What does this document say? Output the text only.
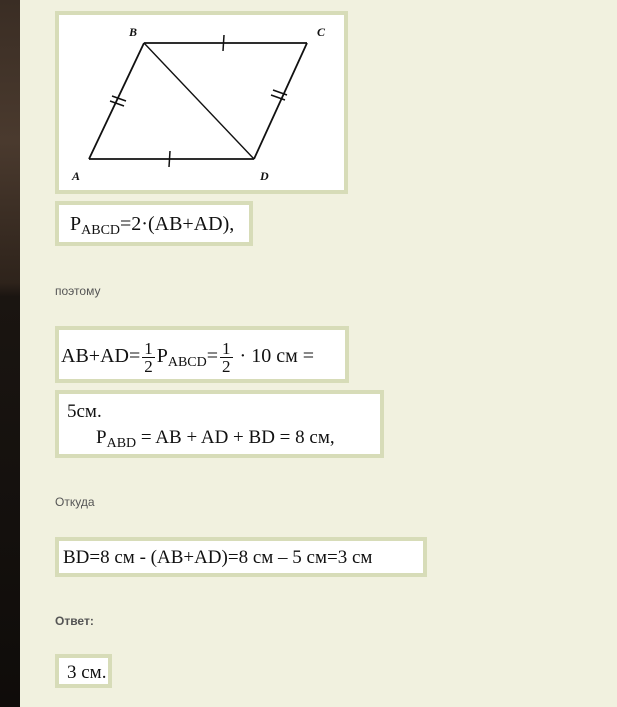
B	C
A	D
$P_{ABCD}=2\cdot(AB+AD)$,
поэтому
$AB+AD= \frac{1}{2} P_{ABCD}= \frac{1}{2} \cdot 10$ см =
5см.
$P_{ABD}$ = AB + AD + BD = 8 см,
Откуда
BD=8 см - (AB+AD)=8 см – 5 см=3 см
Ответ:
3 см.
